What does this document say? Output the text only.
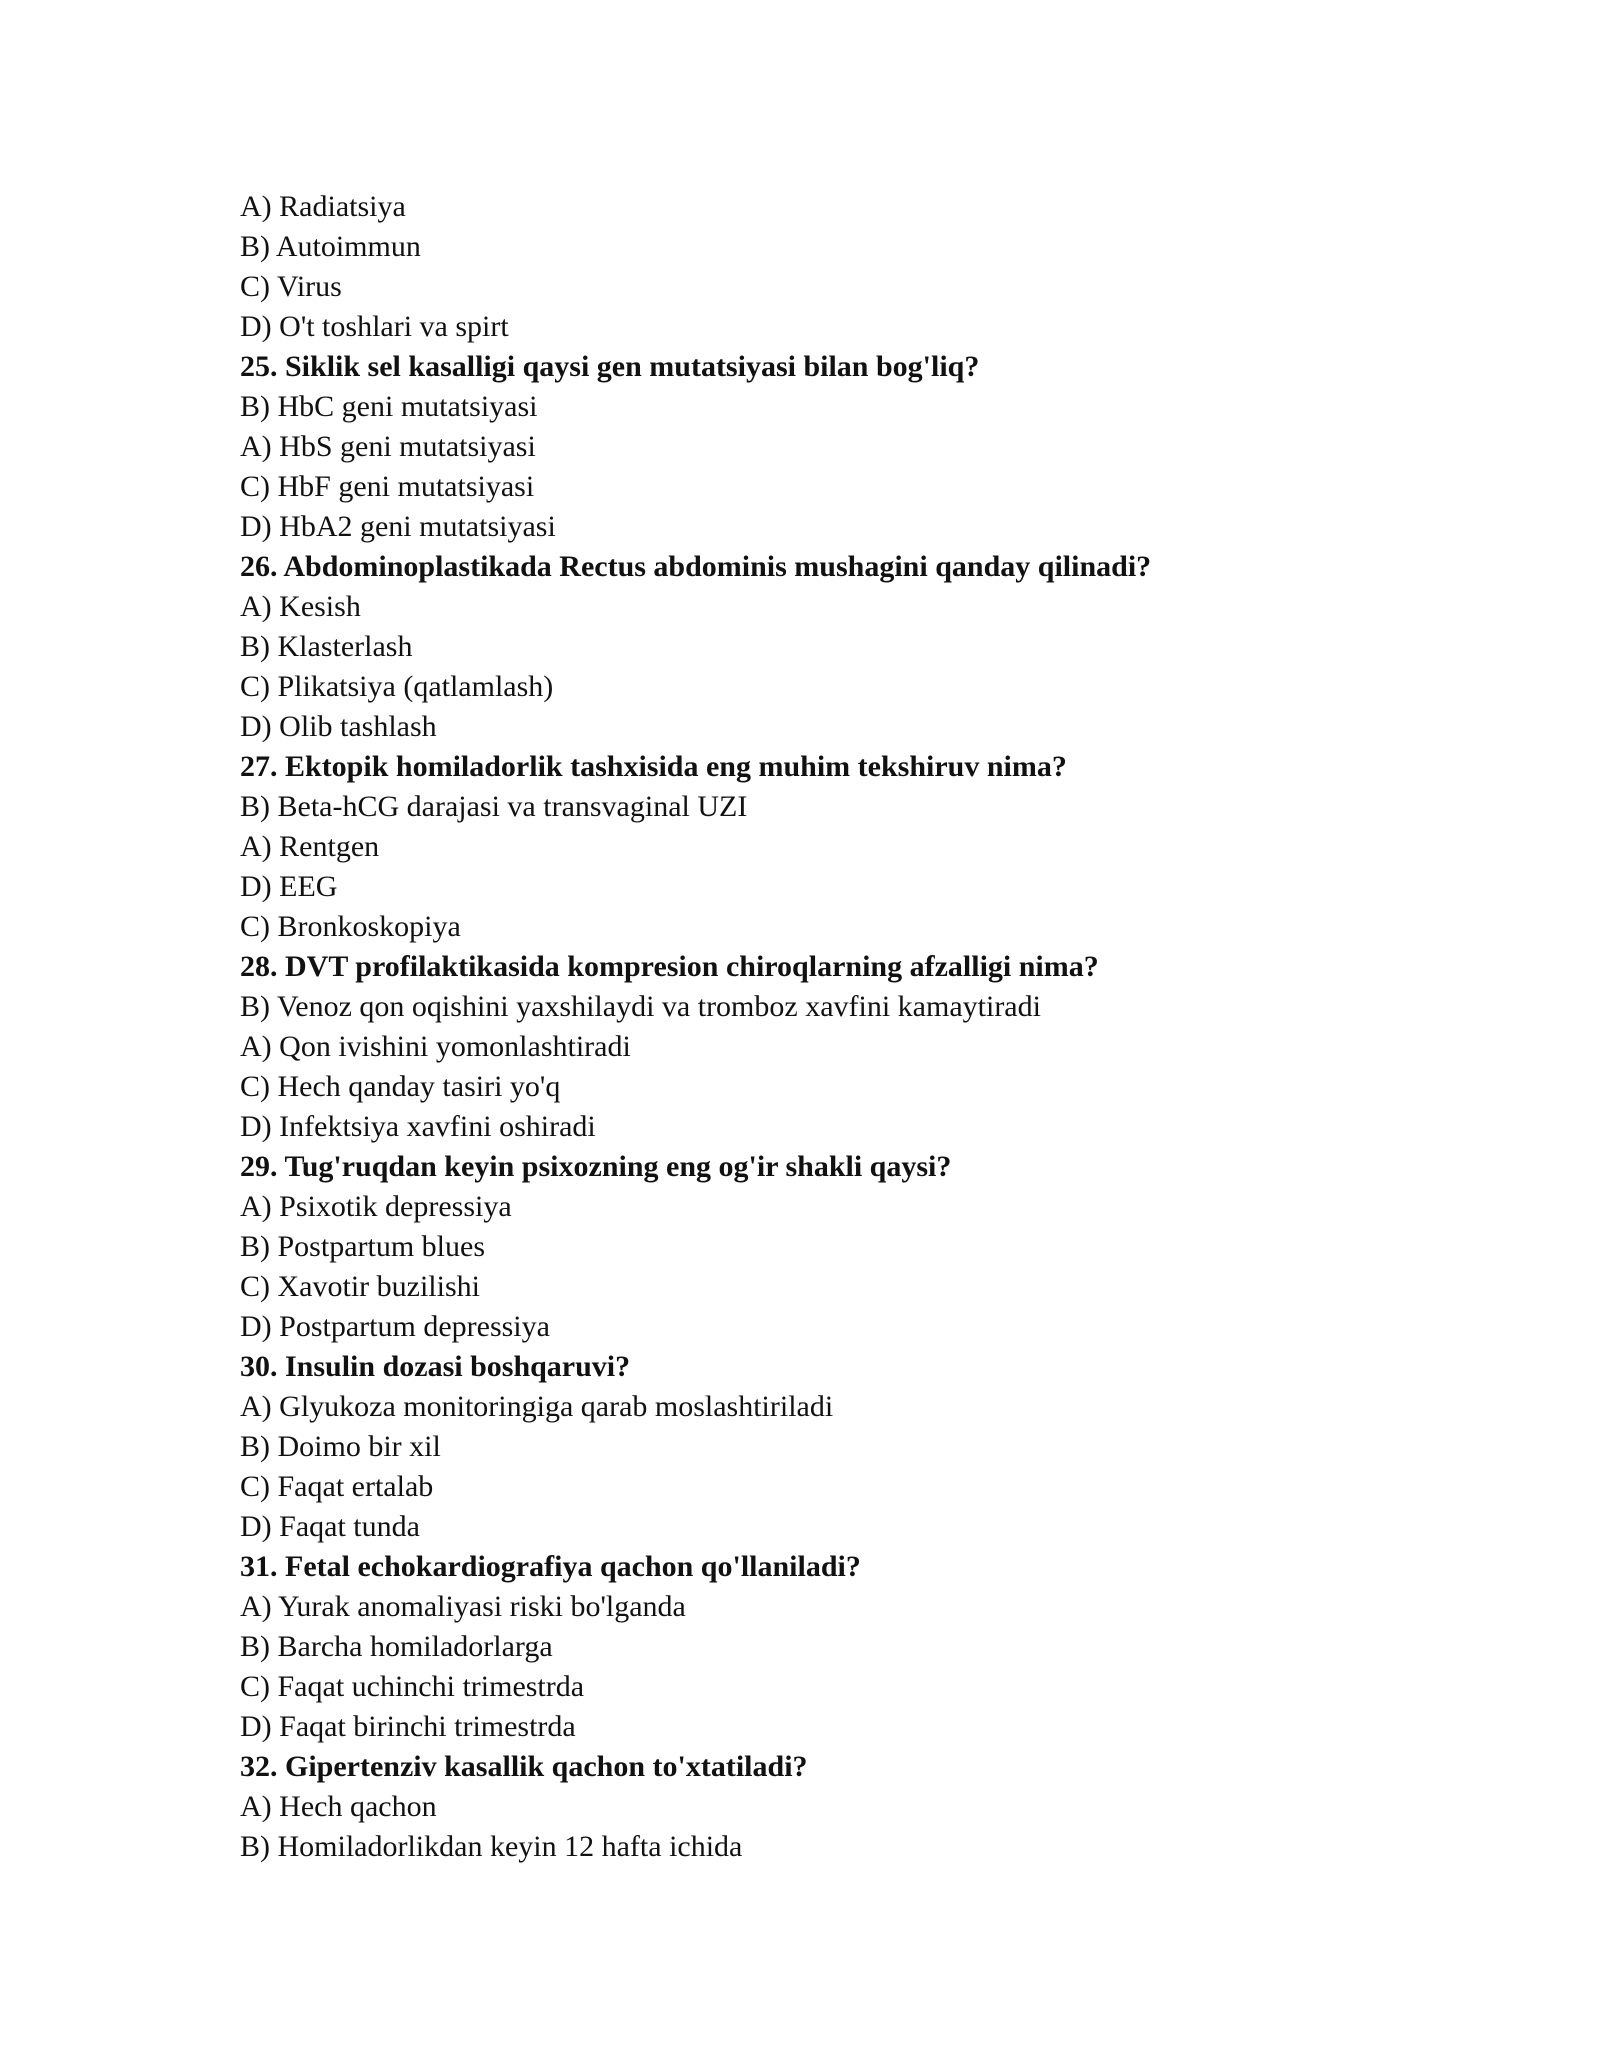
A) Radiatsiya
B) Autoimmun
C) Virus
D) O't toshlari va spirt
25. Siklik sel kasalligi qaysi gen mutatsiyasi bilan bog'liq?
B) HbC geni mutatsiyasi
A) HbS geni mutatsiyasi
C) HbF geni mutatsiyasi
D) HbA2 geni mutatsiyasi
26. Abdominoplastikada Rectus abdominis mushagini qanday qilinadi?
A) Kesish
B) Klasterlash
C) Plikatsiya (qatlamlash)
D) Olib tashlash
27. Ektopik homiladorlik tashxisida eng muhim tekshiruv nima?
B) Beta-hCG darajasi va transvaginal UZI
A) Rentgen
D) EEG
C) Bronkoskopiya
28. DVT profilaktikasida kompresion chiroqlarning afzalligi nima?
B) Venoz qon oqishini yaxshilaydi va tromboz xavfini kamaytiradi
A) Qon ivishini yomonlashtiradi
C) Hech qanday tasiri yo'q
D) Infektsiya xavfini oshiradi
29. Tug'ruqdan keyin psixozning eng og'ir shakli qaysi?
A) Psixotik depressiya
B) Postpartum blues
C) Xavotir buzilishi
D) Postpartum depressiya
30. Insulin dozasi boshqaruvi?
A) Glyukoza monitoringiga qarab moslashtiriladi
B) Doimo bir xil
C) Faqat ertalab
D) Faqat tunda
31. Fetal echokardiografiya qachon qo'llaniladi?
A) Yurak anomaliyasi riski bo'lganda
B) Barcha homiladorlarga
C) Faqat uchinchi trimestrda
D) Faqat birinchi trimestrda
32. Gipertenziv kasallik qachon to'xtatiladi?
A) Hech qachon
B) Homiladorlikdan keyin 12 hafta ichida
